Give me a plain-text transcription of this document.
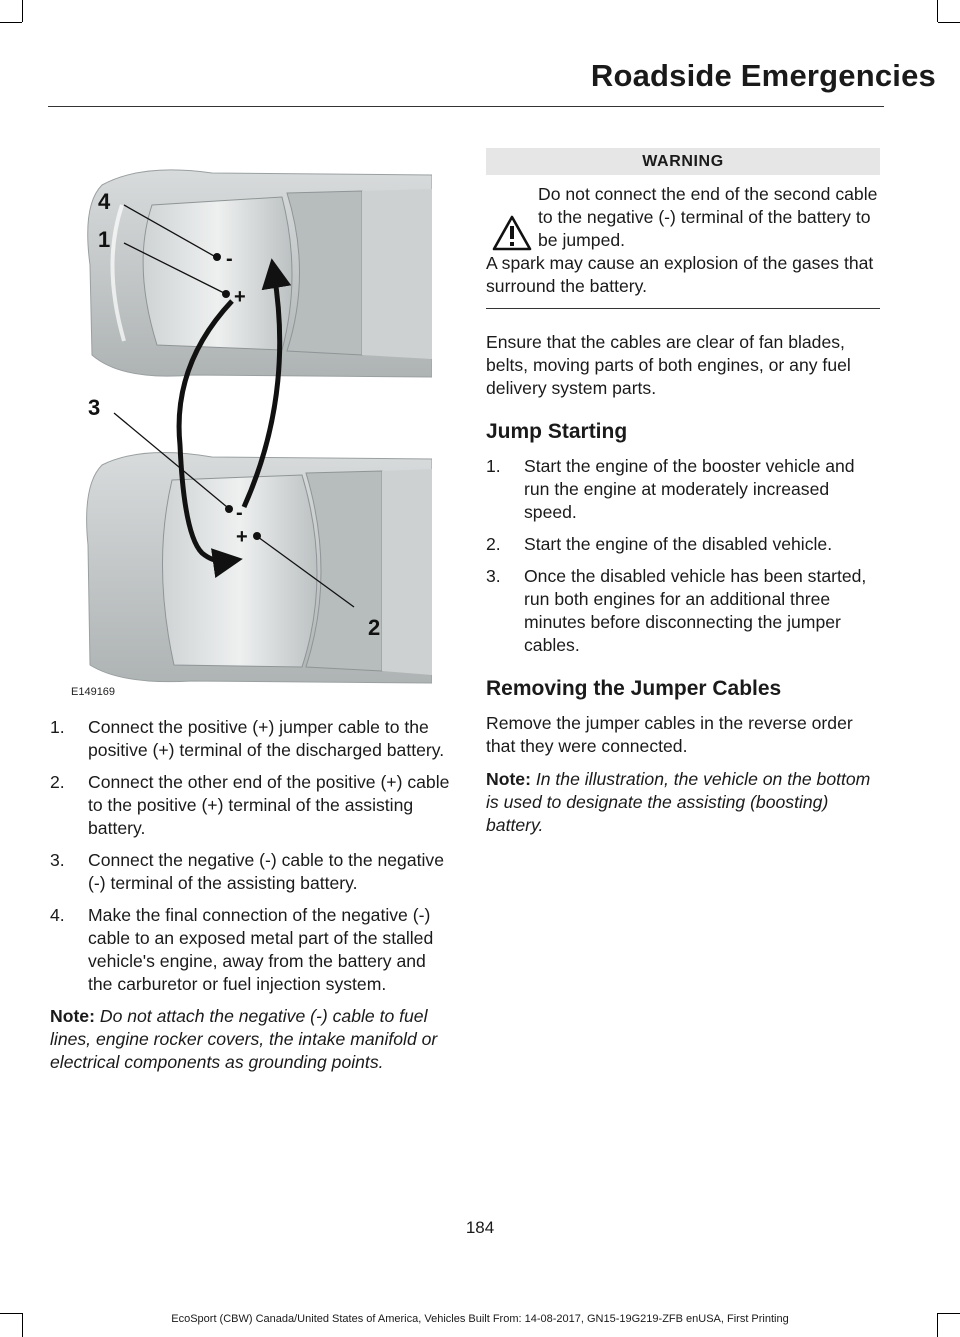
Roadside Emergencies
-
+
-
+
4
1
3
2
E149169
1. Connect the positive (+) jumper cable to the positive (+) terminal of the discharged battery.
2. Connect the other end of the positive (+) cable to the positive (+) terminal of the assisting battery.
3. Connect the negative (-) cable to the negative (-) terminal of the assisting battery.
4. Make the final connection of the negative (-) cable to an exposed metal part of the stalled vehicle's engine, away from the battery and the carburetor or fuel injection system.
Note: Do not attach the negative (-) cable to fuel lines, engine rocker covers, the intake manifold or electrical components as grounding points.
WARNING
Do not connect the end of the second cable to the negative (-) terminal of the battery to be jumped.
A spark may cause an explosion of the gases that surround the battery.
Ensure that the cables are clear of fan blades, belts, moving parts of both engines, or any fuel delivery system parts.
Jump Starting
1. Start the engine of the booster vehicle and run the engine at moderately increased speed.
2. Start the engine of the disabled vehicle.
3. Once the disabled vehicle has been started, run both engines for an additional three minutes before disconnecting the jumper cables.
Removing the Jumper Cables
Remove the jumper cables in the reverse order that they were connected.
Note: In the illustration, the vehicle on the bottom is used to designate the assisting (boosting) battery.
184
EcoSport (CBW) Canada/United States of America, Vehicles Built From: 14-08-2017, GN15-19G219-ZFB enUSA, First Printing
